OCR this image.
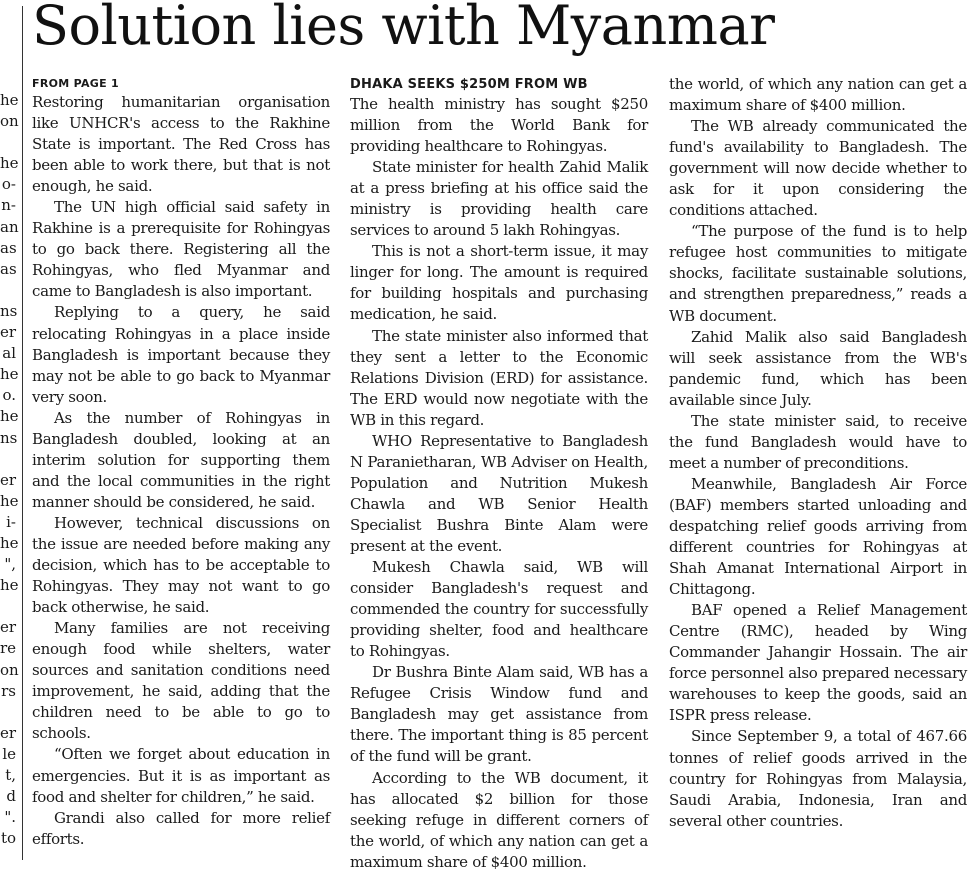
he
on
he
o-
n-
an
as
as
ns
er
al
he
o.
he
ns
er
he
i-
he
",
he
er
re
on
rs
er
le
t,
d
".
to
Solution lies with Myanmar
FROM PAGE 1

Restoring humanitarian organisation like UNHCR's access to the Rakhine State is important. The Red Cross has been able to work there, but that is not enough, he said.

The UN high official said safety in Rakhine is a prerequisite for Rohingyas to go back there. Registering all the Rohingyas, who fled Myanmar and came to Bangladesh is also important.

Replying to a query, he said relocating Rohingyas in a place inside Bangladesh is important because they may not be able to go back to Myanmar very soon.

As the number of Rohingyas in Bangladesh doubled, looking at an interim solution for supporting them and the local communities in the right manner should be considered, he said.

However, technical discussions on the issue are needed before making any decision, which has to be acceptable to Rohingyas. They may not want to go back otherwise, he said.

Many families are not receiving enough food while shelters, water sources and sanitation conditions need improvement, he said, adding that the children need to be able to go to schools.

“Often we forget about education in emergencies. But it is as important as food and shelter for children,” he said.

Grandi also called for more relief efforts.

DHAKA SEEKS $250M FROM WB

The health ministry has sought $250 million from the World Bank for providing healthcare to Rohingyas.

State minister for health Zahid Malik at a press briefing at his office said the ministry is providing health care services to around 5 lakh Rohingyas.

This is not a short-term issue, it may linger for long. The amount is required for building hospitals and purchasing medication, he said.

The state minister also informed that they sent a letter to the Economic Relations Division (ERD) for assistance. The ERD would now negotiate with the WB in this regard.

WHO Representative to Bangladesh N Paranietharan, WB Adviser on Health, Population and Nutrition Mukesh Chawla and WB Senior Health Specialist Bushra Binte Alam were present at the event.

Mukesh Chawla said, WB will consider Bangladesh's request and commended the country for successfully providing shelter, food and healthcare to Rohingyas.

Dr Bushra Binte Alam said, WB has a Refugee Crisis Window fund and Bangladesh may get assistance from there. The important thing is 85 percent of the fund will be grant.

According to the WB document, it has allocated $2 billion for those seeking refuge in different corners of the world, of which any nation can get a maximum share of $400 million.

the world, of which any nation can get a maximum share of $400 million.

The WB already communicated the fund's availability to Bangladesh. The government will now decide whether to ask for it upon considering the conditions attached.

“The purpose of the fund is to help refugee host communities to mitigate shocks, facilitate sustainable solutions, and strengthen preparedness,” reads a WB document.

Zahid Malik also said Bangladesh will seek assistance from the WB's pandemic fund, which has been available since July.

The state minister said, to receive the fund Bangladesh would have to meet a number of preconditions.

Meanwhile, Bangladesh Air Force (BAF) members started unloading and despatching relief goods arriving from different countries for Rohingyas at Shah Amanat International Airport in Chittagong.

BAF opened a Relief Management Centre (RMC), headed by Wing Commander Jahangir Hossain. The air force personnel also prepared necessary warehouses to keep the goods, said an ISPR press release.

Since September 9, a total of 467.66 tonnes of relief goods arrived in the country for Rohingyas from Malaysia, Saudi Arabia, Indonesia, Iran and several other countries.
